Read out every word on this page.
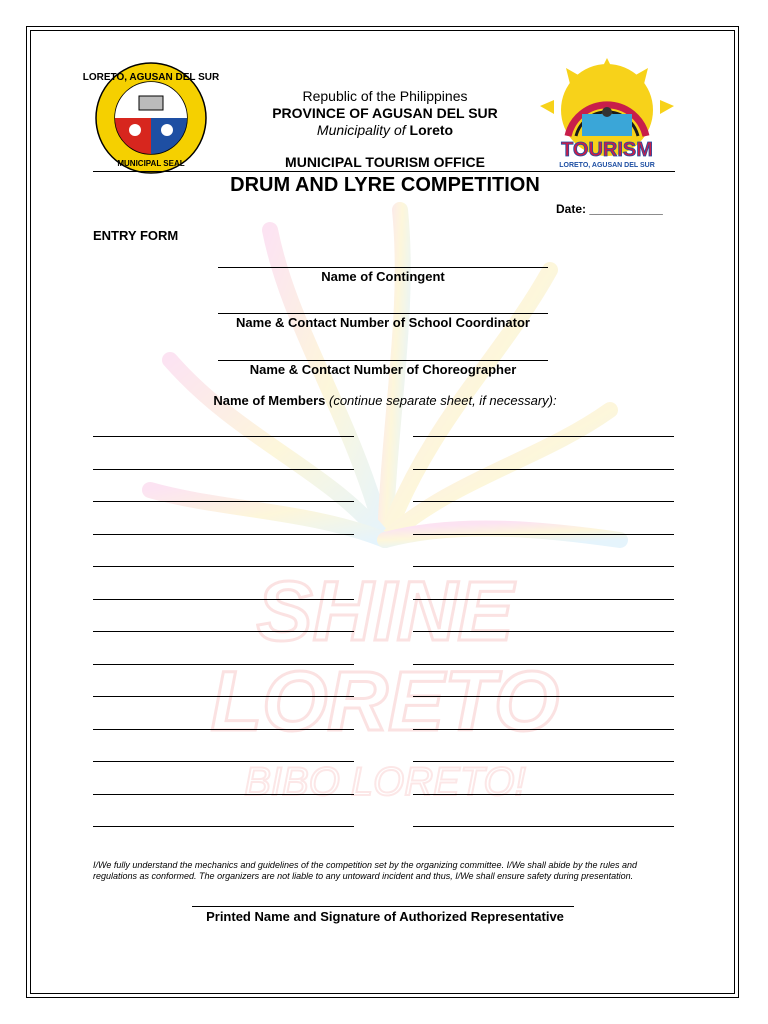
SHINE
LORETO
BIBO LORETO!
LORETO, AGUSAN DEL SUR
MUNICIPAL SEAL
TOURISM
LORETO, AGUSAN DEL SUR
Republic of the Philippines
PROVINCE OF AGUSAN DEL SUR
Municipality of Loreto
MUNICIPAL TOURISM OFFICE
DRUM AND LYRE COMPETITION
Date: ___________
ENTRY FORM
Name of Contingent
Name & Contact Number of School Coordinator
Name & Contact Number of Choreographer
Name of Members (continue separate sheet, if necessary):
I/We fully understand the mechanics and guidelines of the competition set by the organizing committee. I/We shall abide by the rules and regulations as conformed. The organizers are not liable to any untoward incident and thus, I/We shall ensure safety during presentation.
Printed Name and Signature of Authorized Representative
